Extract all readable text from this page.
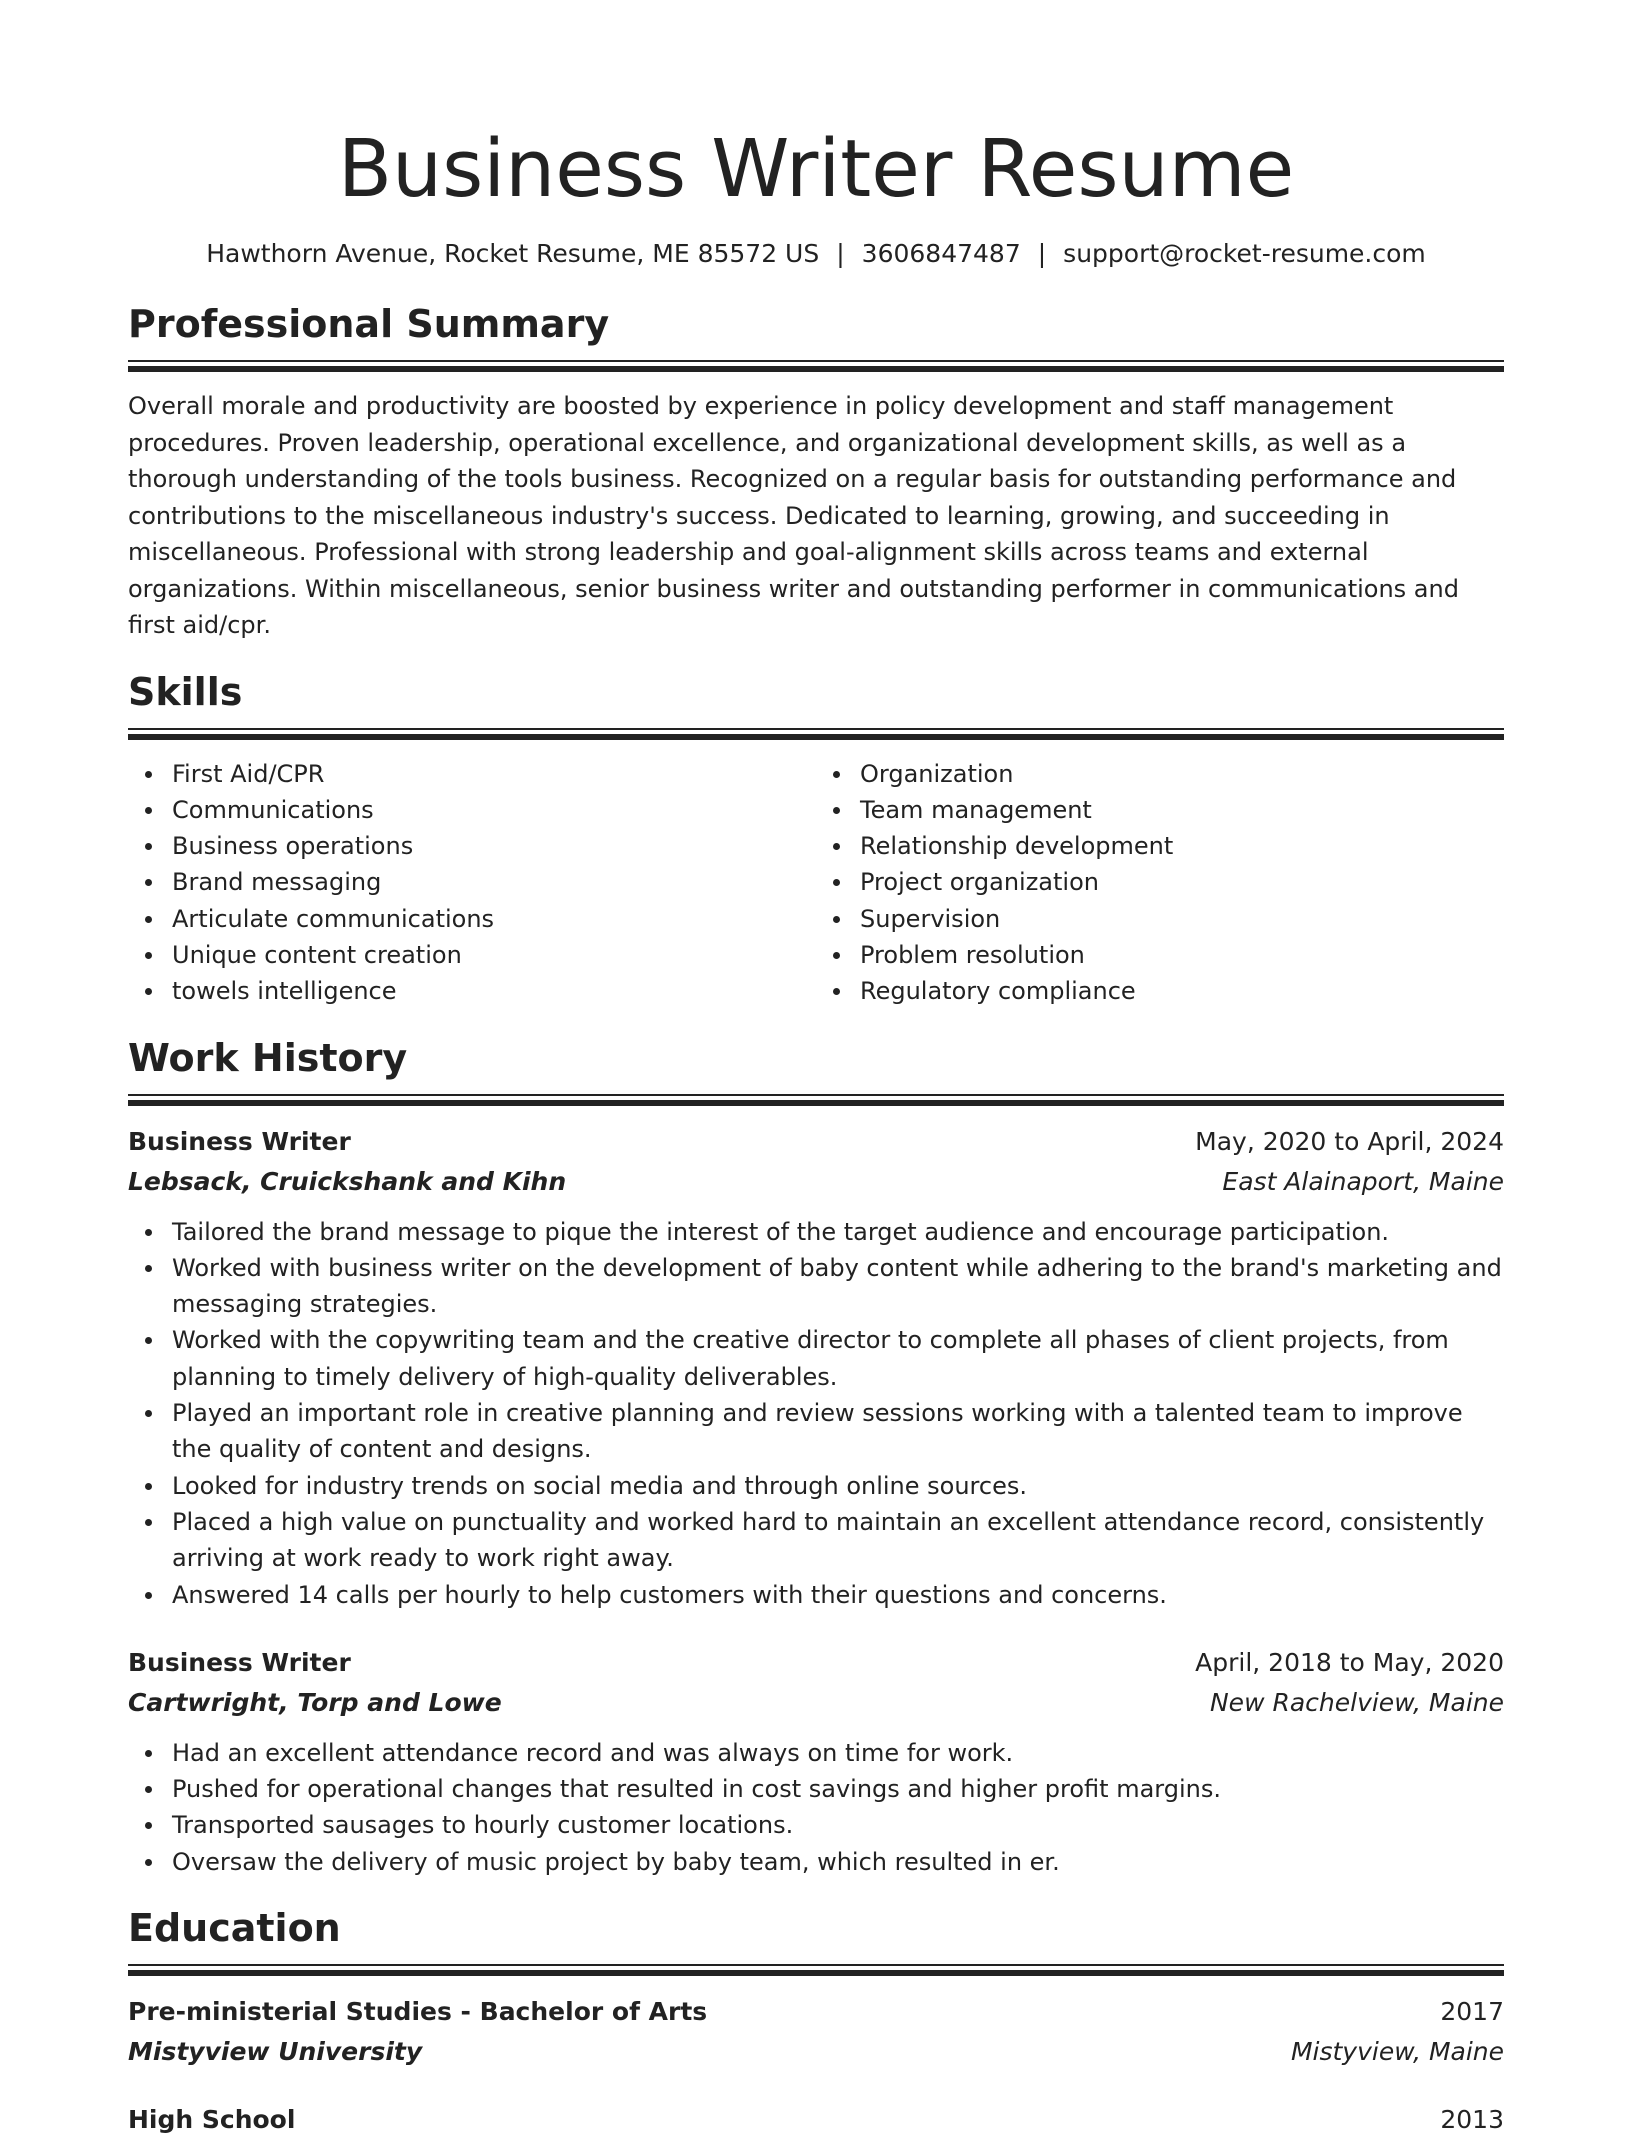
Business Writer Resume
Hawthorn Avenue, Rocket Resume, ME 85572 US | 3606847487 | support@rocket-resume.com
Professional Summary

Overall morale and productivity are boosted by experience in policy development and staff management procedures. Proven leadership, operational excellence, and organizational development skills, as well as a thorough understanding of the tools business. Recognized on a regular basis for outstanding performance and contributions to the miscellaneous industry's success. Dedicated to learning, growing, and succeeding in miscellaneous. Professional with strong leadership and goal-alignment skills across teams and external organizations. Within miscellaneous, senior business writer and outstanding performer in communications and first aid/cpr.

Skills
First Aid/CPR
Communications
Business operations
Brand messaging
Articulate communications
Unique content creation
towels intelligence
Organization
Team management
Relationship development
Project organization
Supervision
Problem resolution
Regulatory compliance
Work History
Business Writer	May, 2020 to April, 2024
Lebsack, Cruickshank and Kihn	East Alainaport, Maine
Tailored the brand message to pique the interest of the target audience and encourage participation.
Worked with business writer on the development of baby content while adhering to the brand's marketing and messaging strategies.
Worked with the copywriting team and the creative director to complete all phases of client projects, from planning to timely delivery of high-quality deliverables.
Played an important role in creative planning and review sessions working with a talented team to improve the quality of content and designs.
Looked for industry trends on social media and through online sources.
Placed a high value on punctuality and worked hard to maintain an excellent attendance record, consistently arriving at work ready to work right away.
Answered 14 calls per hourly to help customers with their questions and concerns.
Business Writer	April, 2018 to May, 2020
Cartwright, Torp and Lowe	New Rachelview, Maine
Had an excellent attendance record and was always on time for work.
Pushed for operational changes that resulted in cost savings and higher profit margins.
Transported sausages to hourly customer locations.
Oversaw the delivery of music project by baby team, which resulted in er.
Education
Pre-ministerial Studies - Bachelor of Arts	2017
Mistyview University	Mistyview, Maine
High School	2013
